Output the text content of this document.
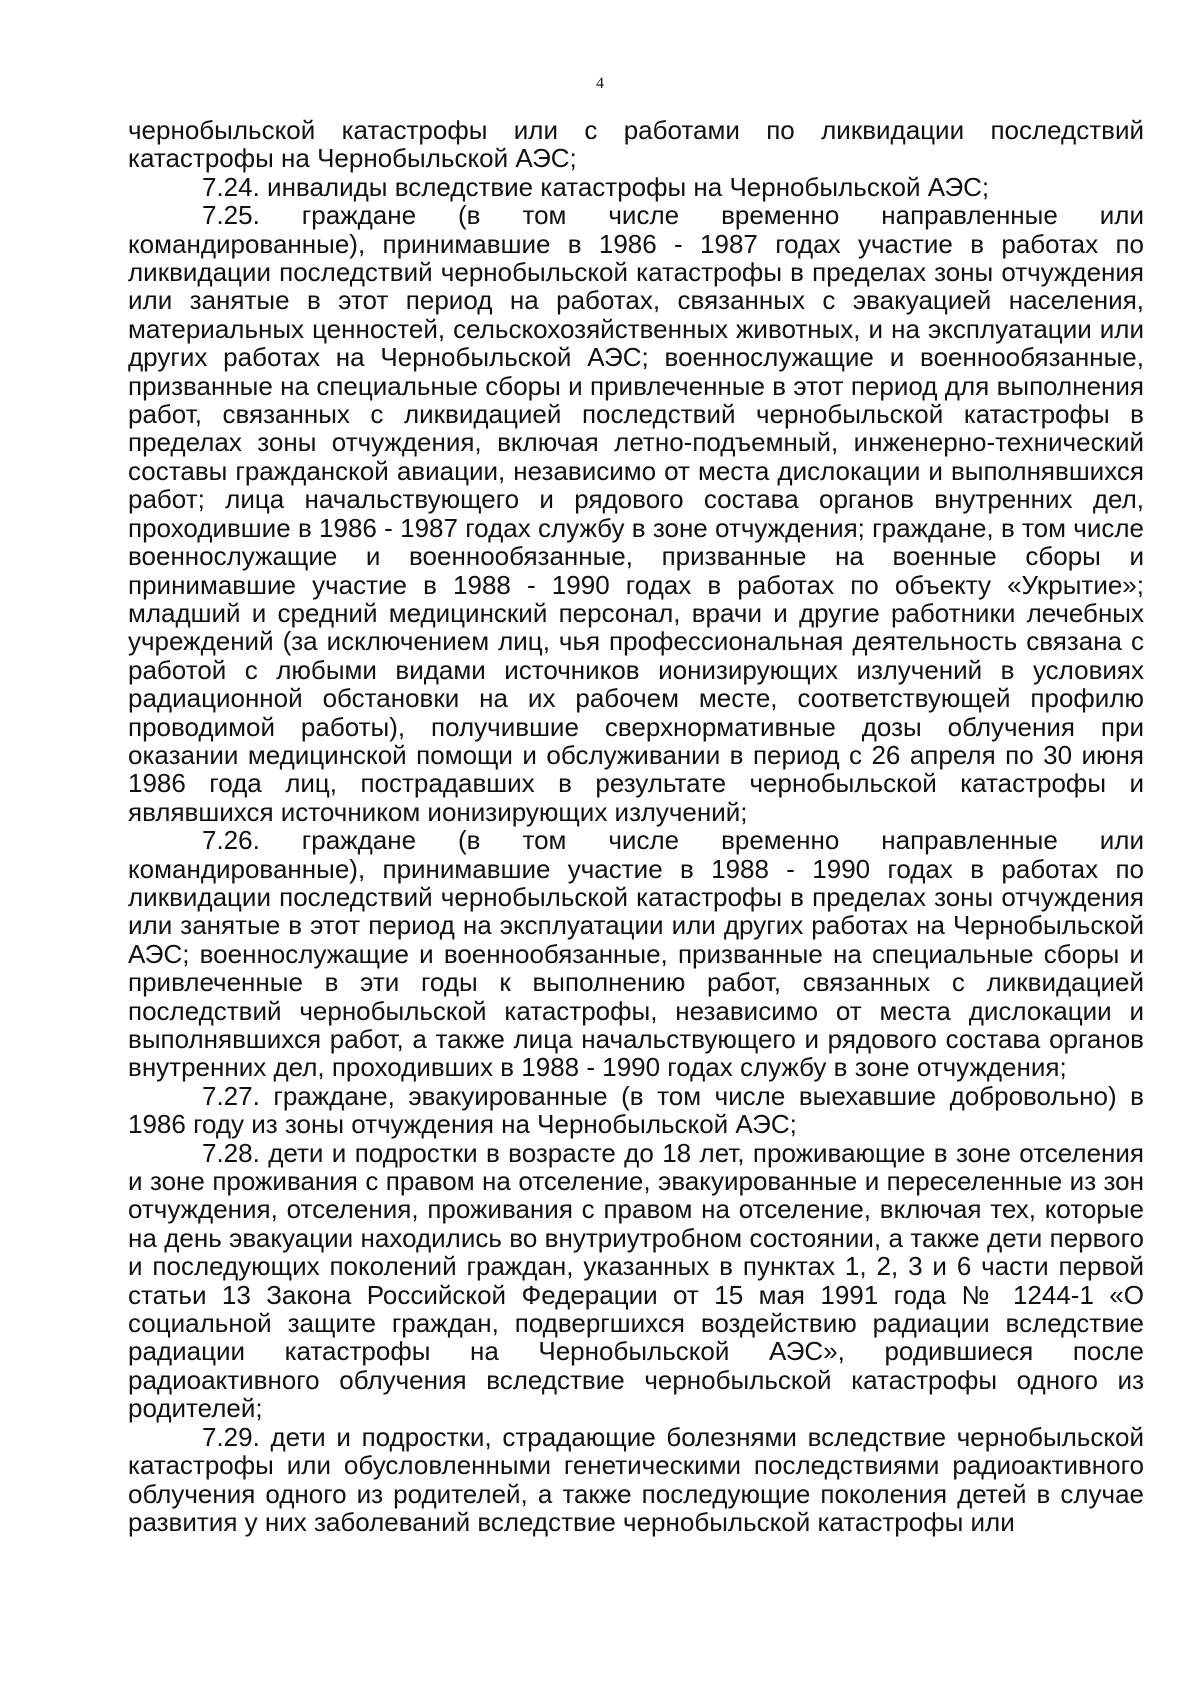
4

чернобыльской катастрофы или с работами по ликвидации последствий катастрофы на Чернобыльской АЭС;

7.24. инвалиды вследствие катастрофы на Чернобыльской АЭС;

7.25. граждане (в том числе временно направленные или командированные), принимавшие в 1986 - 1987 годах участие в работах по ликвидации последствий чернобыльской катастрофы в пределах зоны отчуждения или занятые в этот период на работах, связанных с эвакуацией населения, материальных ценностей, сельскохозяйственных животных, и на эксплуатации или других работах на Чернобыльской АЭС; военнослужащие и военнообязанные, призванные на специальные сборы и привлеченные в этот период для выполнения работ, связанных с ликвидацией последствий чернобыльской катастрофы в пределах зоны отчуждения, включая летно-подъемный, инженерно-технический составы гражданской авиации, независимо от места дислокации и выполнявшихся работ; лица начальствующего и рядового состава органов внутренних дел, проходившие в 1986 - 1987 годах службу в зоне отчуждения; граждане, в том числе военнослужащие и военнообязанные, призванные на военные сборы и принимавшие участие в 1988 - 1990 годах в работах по объекту «Укрытие»; младший и средний медицинский персонал, врачи и другие работники лечебных учреждений (за исключением лиц, чья профессиональная деятельность связана с работой с любыми видами источников ионизирующих излучений в условиях радиационной обстановки на их рабочем месте, соответствующей профилю проводимой работы), получившие сверхнормативные дозы облучения при оказании медицинской помощи и обслуживании в период с 26 апреля по 30 июня 1986 года лиц, пострадавших в результате чернобыльской катастрофы и являвшихся источником ионизирующих излучений;

7.26. граждане (в том числе временно направленные или командированные), принимавшие участие в 1988 - 1990 годах в работах по ликвидации последствий чернобыльской катастрофы в пределах зоны отчуждения или занятые в этот период на эксплуатации или других работах на Чернобыльской АЭС; военнослужащие и военнообязанные, призванные на специальные сборы и привлеченные в эти годы к выполнению работ, связанных с ликвидацией последствий чернобыльской катастрофы, независимо от места дислокации и выполнявшихся работ, а также лица начальствующего и рядового состава органов внутренних дел, проходивших в 1988 - 1990 годах службу в зоне отчуждения;

7.27. граждане, эвакуированные (в том числе выехавшие добровольно) в 1986 году из зоны отчуждения на Чернобыльской АЭС;

7.28. дети и подростки в возрасте до 18 лет, проживающие в зоне отселения и зоне проживания с правом на отселение, эвакуированные и переселенные из зон отчуждения, отселения, проживания с правом на отселение, включая тех, которые на день эвакуации находились во внутриутробном состоянии, а также дети первого и последующих поколений граждан, указанных в пунктах 1, 2, 3 и 6 части первой статьи 13 Закона Российской Федерации от 15 мая 1991 года № 1244-1 «О социальной защите граждан, подвергшихся воздействию радиации вследствие радиации катастрофы на Чернобыльской АЭС», родившиеся после радиоактивного облучения вследствие чернобыльской катастрофы одного из родителей;

7.29. дети и подростки, страдающие болезнями вследствие чернобыльской катастрофы или обусловленными генетическими последствиями радиоактивного облучения одного из родителей, а также последующие поколения детей в случае развития у них заболеваний вследствие чернобыльской катастрофы или
